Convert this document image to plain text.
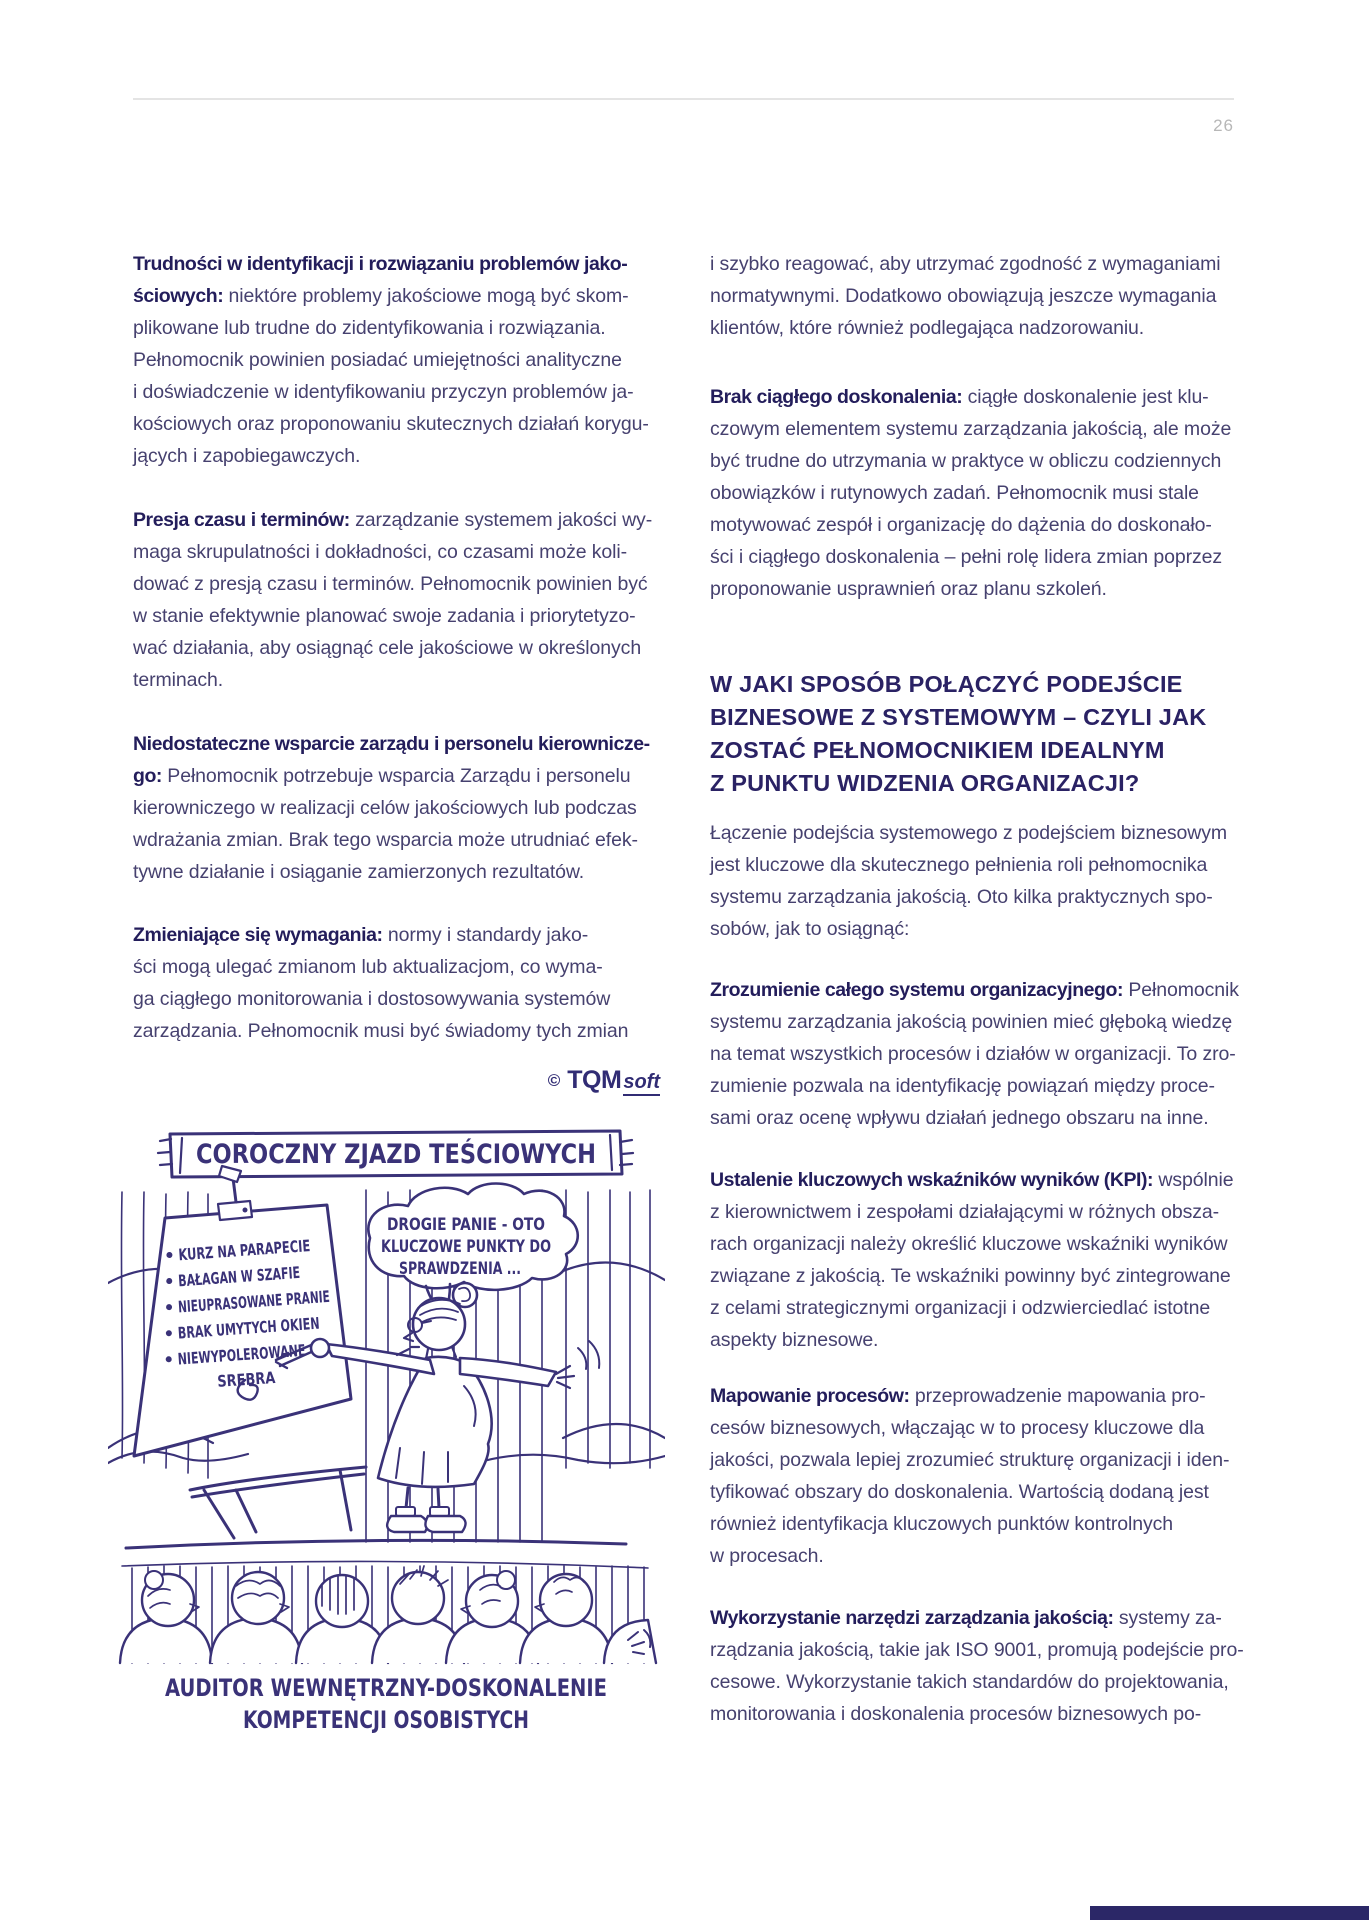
26
Trudności w identyfikacji i rozwiązaniu problemów jako-
ściowych: niektóre problemy jakościowe mogą być skom-
plikowane lub trudne do zidentyfikowania i rozwiązania.
Pełnomocnik powinien posiadać umiejętności analityczne
i doświadczenie w identyfikowaniu przyczyn problemów ja-
kościowych oraz proponowaniu skutecznych działań korygu-
jących i zapobiegawczych.
Presja czasu i terminów: zarządzanie systemem jakości wy-
maga skrupulatności i dokładności, co czasami może koli-
dować z presją czasu i terminów. Pełnomocnik powinien być
w stanie efektywnie planować swoje zadania i priorytetyzo-
wać działania, aby osiągnąć cele jakościowe w określonych
terminach.
Niedostateczne wsparcie zarządu i personelu kierownicze-
go: Pełnomocnik potrzebuje wsparcia Zarządu i personelu
kierowniczego w realizacji celów jakościowych lub podczas
wdrażania zmian. Brak tego wsparcia może utrudniać efek-
tywne działanie i osiąganie zamierzonych rezultatów.
Zmieniające się wymagania: normy i standardy jako-
ści mogą ulegać zmianom lub aktualizacjom, co wyma-
ga ciągłego monitorowania i dostosowywania systemów
zarządzania. Pełnomocnik musi być świadomy tych zmian
© TQM soft
i szybko reagować, aby utrzymać zgodność z wymaganiami
normatywnymi. Dodatkowo obowiązują jeszcze wymagania
klientów, które również podlegająca nadzorowaniu.
Brak ciągłego doskonalenia: ciągłe doskonalenie jest klu-
czowym elementem systemu zarządzania jakością, ale może
być trudne do utrzymania w praktyce w obliczu codziennych
obowiązków i rutynowych zadań. Pełnomocnik musi stale
motywować zespół i organizację do dążenia do doskonało-
ści i ciągłego doskonalenia – pełni rolę lidera zmian poprzez
proponowanie usprawnień oraz planu szkoleń.
W JAKI SPOSÓB POŁĄCZYĆ PODEJŚCIE
BIZNESOWE Z SYSTEMOWYM – CZYLI JAK
ZOSTAĆ PEŁNOMOCNIKIEM IDEALNYM
Z PUNKTU WIDZENIA ORGANIZACJI?
Łączenie podejścia systemowego z podejściem biznesowym
jest kluczowe dla skutecznego pełnienia roli pełnomocnika
systemu zarządzania jakością. Oto kilka praktycznych spo-
sobów, jak to osiągnąć:
Zrozumienie całego systemu organizacyjnego: Pełnomocnik
systemu zarządzania jakością powinien mieć głęboką wiedzę
na temat wszystkich procesów i działów w organizacji. To zro-
zumienie pozwala na identyfikację powiązań między proce-
sami oraz ocenę wpływu działań jednego obszaru na inne.
Ustalenie kluczowych wskaźników wyników (KPI): wspólnie
z kierownictwem i zespołami działającymi w różnych obsza-
rach organizacji należy określić kluczowe wskaźniki wyników
związane z jakością. Te wskaźniki powinny być zintegrowane
z celami strategicznymi organizacji i odzwierciedlać istotne
aspekty biznesowe.
Mapowanie procesów: przeprowadzenie mapowania pro-
cesów biznesowych, włączając w to procesy kluczowe dla
jakości, pozwala lepiej zrozumieć strukturę organizacji i iden-
tyfikować obszary do doskonalenia. Wartością dodaną jest
również identyfikacja kluczowych punktów kontrolnych
w procesach.
Wykorzystanie narzędzi zarządzania jakością: systemy za-
rządzania jakością, takie jak ISO 9001, promują podejście pro-
cesowe. Wykorzystanie takich standardów do projektowania,
monitorowania i doskonalenia procesów biznesowych po-
COROCZNY ZJAZD TEŚCIOWYCH
KURZ NA PARAPECIE
BAŁAGAN W SZAFIE
NIEUPRASOWANE PRANIE
BRAK UMYTYCH OKIEN
NIEWYPOLEROWANE
SREBRA
DROGIE PANIE - OTO
KLUCZOWE PUNKTY DO
SPRAWDZENIA ...
AUDITOR WEWNĘTRZNY-DOSKONALENIE
KOMPETENCJI OSOBISTYCH
